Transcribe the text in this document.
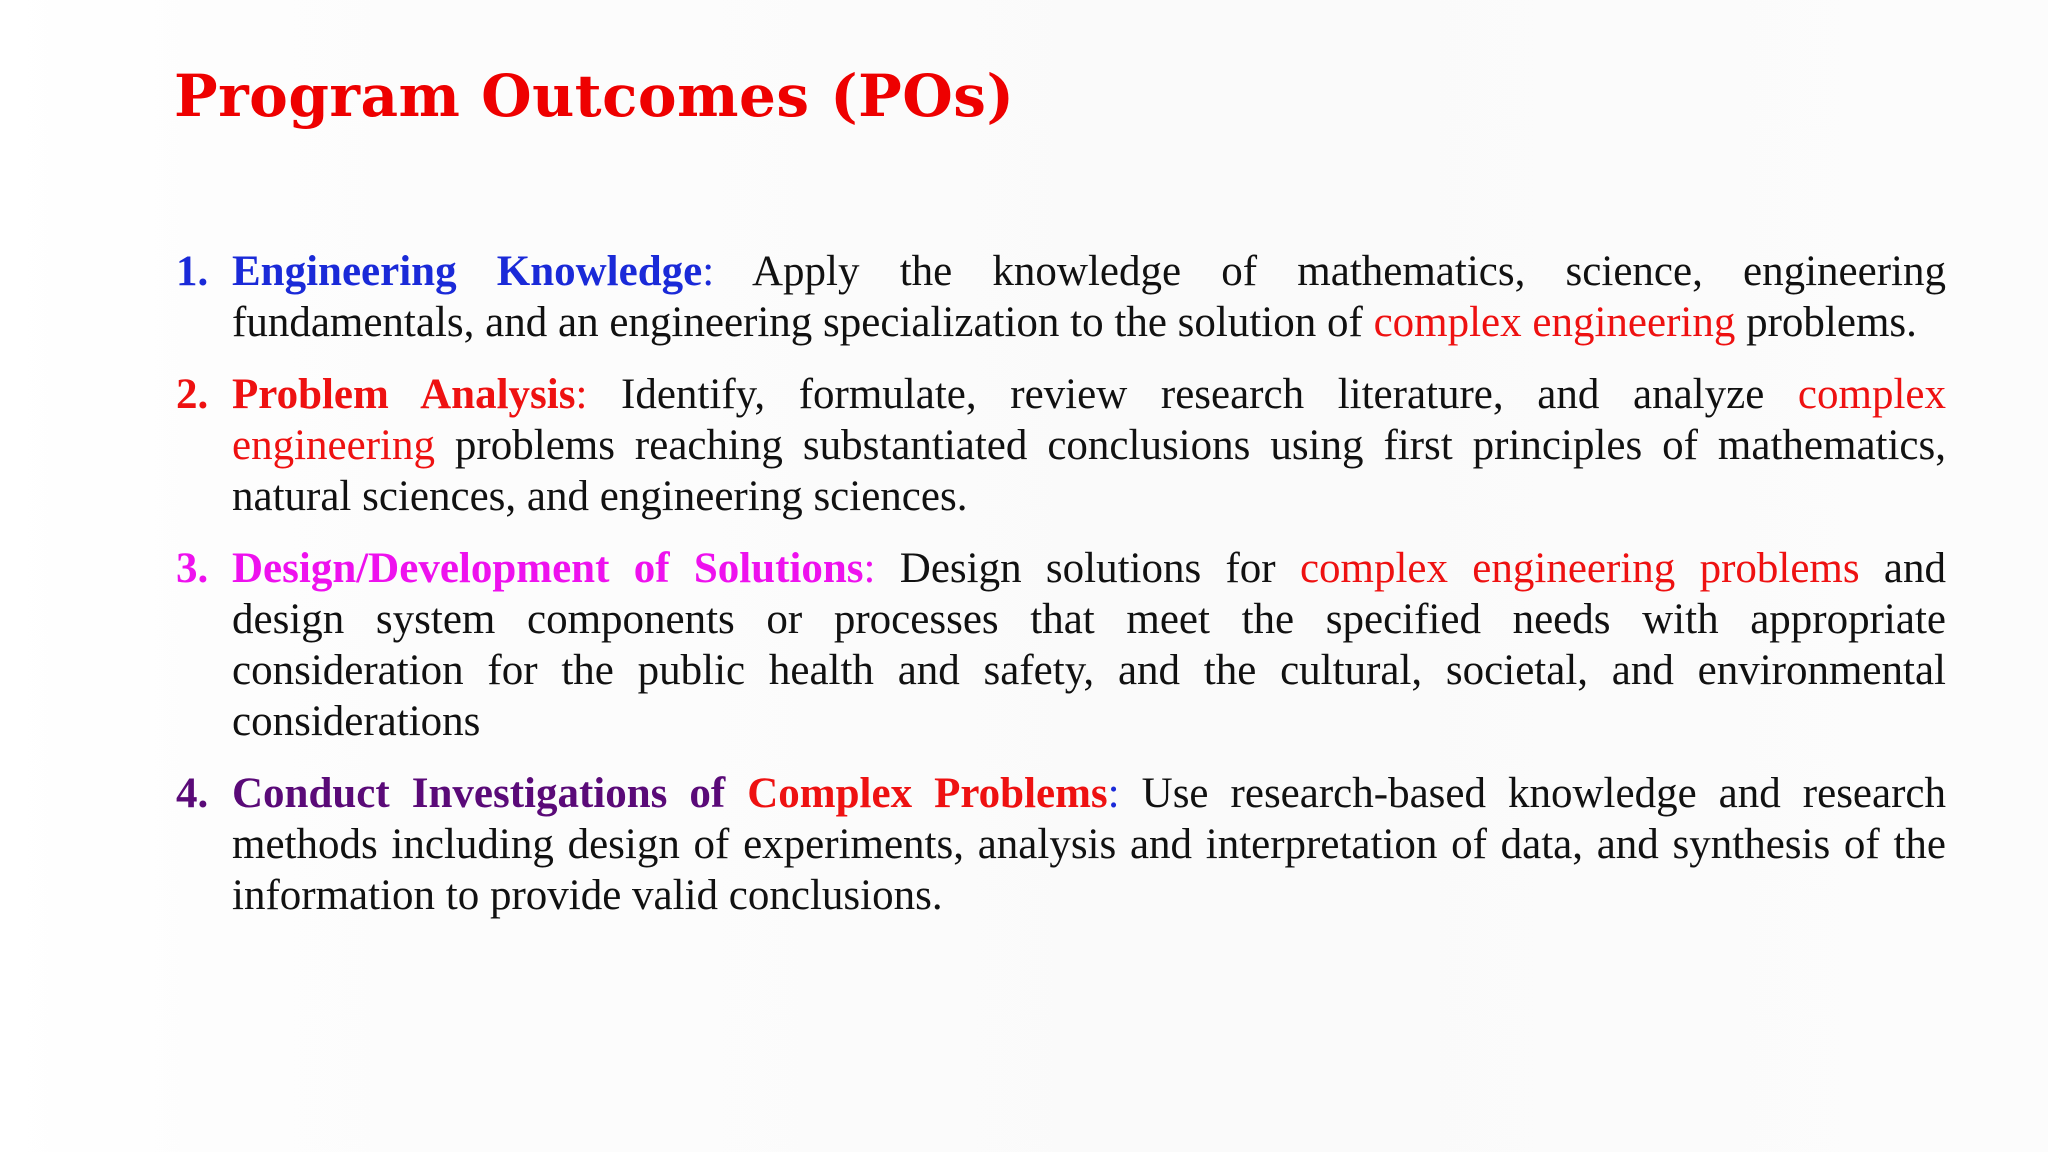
Program Outcomes (POs)
1. Engineering Knowledge: Apply the knowledge of mathematics, science, engineering fundamentals, and an engineering specialization to the solution of complex engineering problems.
2. Problem Analysis: Identify, formulate, review research literature, and analyze complex engineering problems reaching substantiated conclusions using first principles of mathematics, natural sciences, and engineering sciences.
3. Design/Development of Solutions: Design solutions for complex engineering problems and design system components or processes that meet the specified needs with appropriate consideration for the public health and safety, and the cultural, societal, and environmental considerations
4. Conduct Investigations of Complex Problems: Use research-based knowledge and research methods including design of experiments, analysis and interpretation of data, and synthesis of the information to provide valid conclusions.
